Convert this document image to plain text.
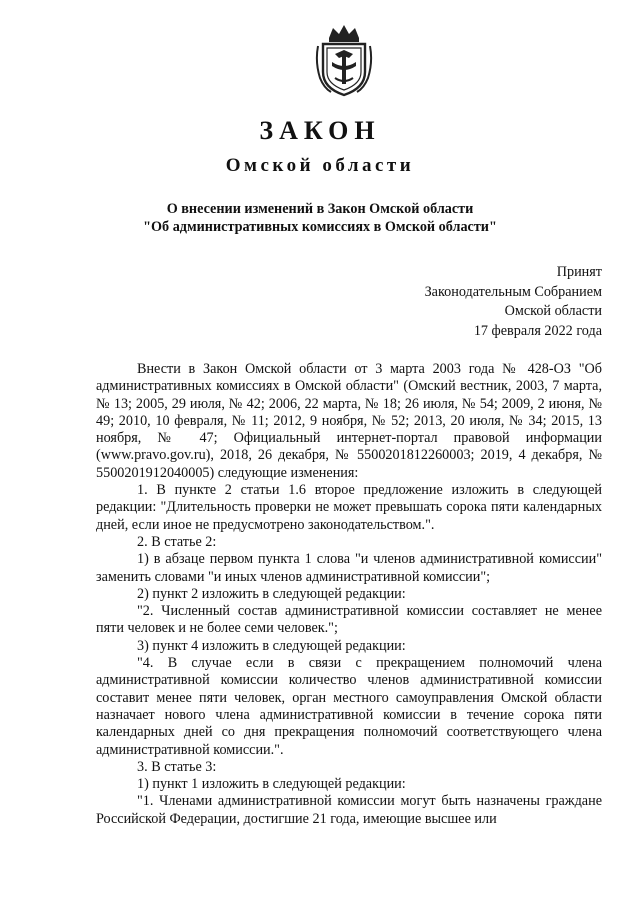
ЗАКОН
Омской области
О внесении изменений в Закон Омской области
"Об административных комиссиях в Омской области"
Принят
Законодательным Собранием
Омской области
17 февраля 2022 года

Внести в Закон Омской области от 3 марта 2003 года № 428-ОЗ "Об административных комиссиях в Омской области" (Омский вестник, 2003, 7 марта, № 13; 2005, 29 июля, № 42; 2006, 22 марта, № 18; 26 июля, № 54; 2009, 2 июня, № 49; 2010, 10 февраля, № 11; 2012, 9 ноября, № 52; 2013, 20 июля, № 34; 2015, 13 ноября, № 47; Официальный интернет-портал правовой информации (www.pravo.gov.ru), 2018, 26 декабря, № 5500201812260003; 2019, 4 декабря, № 5500201912040005) следующие изменения:

1. В пункте 2 статьи 1.6 второе предложение изложить в следующей редакции: "Длительность проверки не может превышать сорока пяти календарных дней, если иное не предусмотрено законодательством.".

2. В статье 2:

1) в абзаце первом пункта 1 слова "и членов административной комиссии" заменить словами "и иных членов административной комиссии";

2) пункт 2 изложить в следующей редакции:

"2. Численный состав административной комиссии составляет не менее пяти человек и не более семи человек.";

3) пункт 4 изложить в следующей редакции:

"4. В случае если в связи с прекращением полномочий члена административной комиссии количество членов административной комиссии составит менее пяти человек, орган местного самоуправления Омской области назначает нового члена административной комиссии в течение сорока пяти календарных дней со дня прекращения полномочий соответствующего члена административной комиссии.".

3. В статье 3:

1) пункт 1 изложить в следующей редакции:

"1. Членами административной комиссии могут быть назначены граждане Российской Федерации, достигшие 21 года, имеющие высшее или
